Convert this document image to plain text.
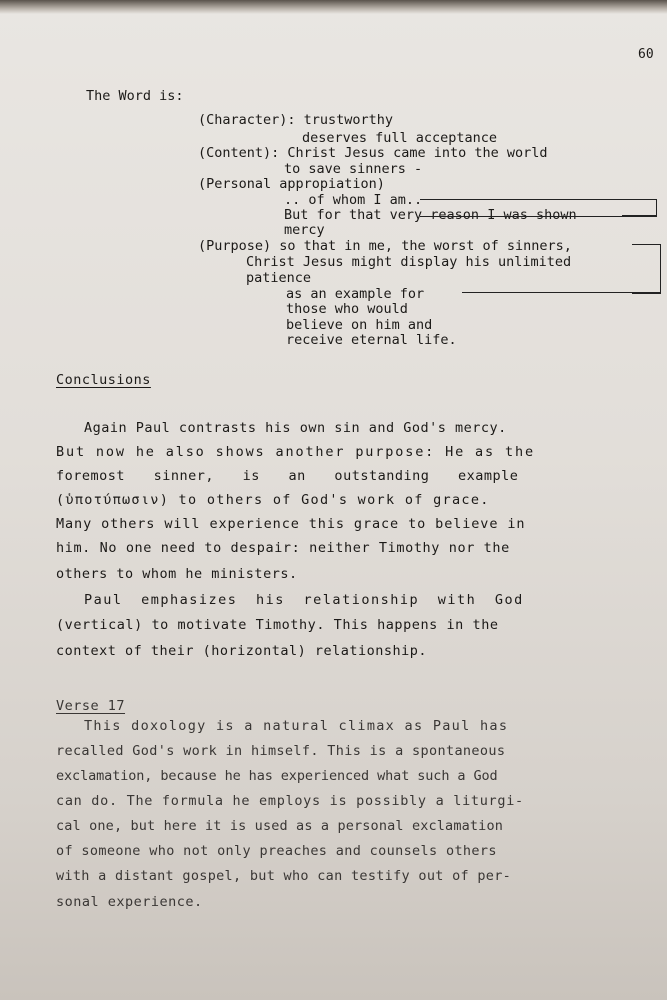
60
The Word is:
(Character): trustworthy
deserves full acceptance
(Content): Christ Jesus came into the world
to save sinners -
(Personal appropiation)
.. of whom I am..
But for that very reason I was shown
mercy
(Purpose) so that in me, the worst of sinners,
Christ Jesus might display his unlimited
patience
as an example for
those who would
believe on him and
receive eternal life.
Conclusions
Again Paul contrasts his own sin and God's mercy.
But now he also shows another purpose: He as the
foremost sinner, is an outstanding example
(ὑποτύπωσιν) to others of God's work of grace.
Many others will experience this grace to believe in
him. No one need to despair: neither Timothy nor the
others to whom he ministers.
Paul emphasizes his relationship with God
(vertical) to motivate Timothy. This happens in the
context of their (horizontal) relationship.
Verse 17
This doxology is a natural climax as Paul has
recalled God's work in himself. This is a spontaneous
exclamation, because he has experienced what such a God
can do. The formula he employs is possibly a liturgi-
cal one, but here it is used as a personal exclamation
of someone who not only preaches and counsels others
with a distant gospel, but who can testify out of per-
sonal experience.
